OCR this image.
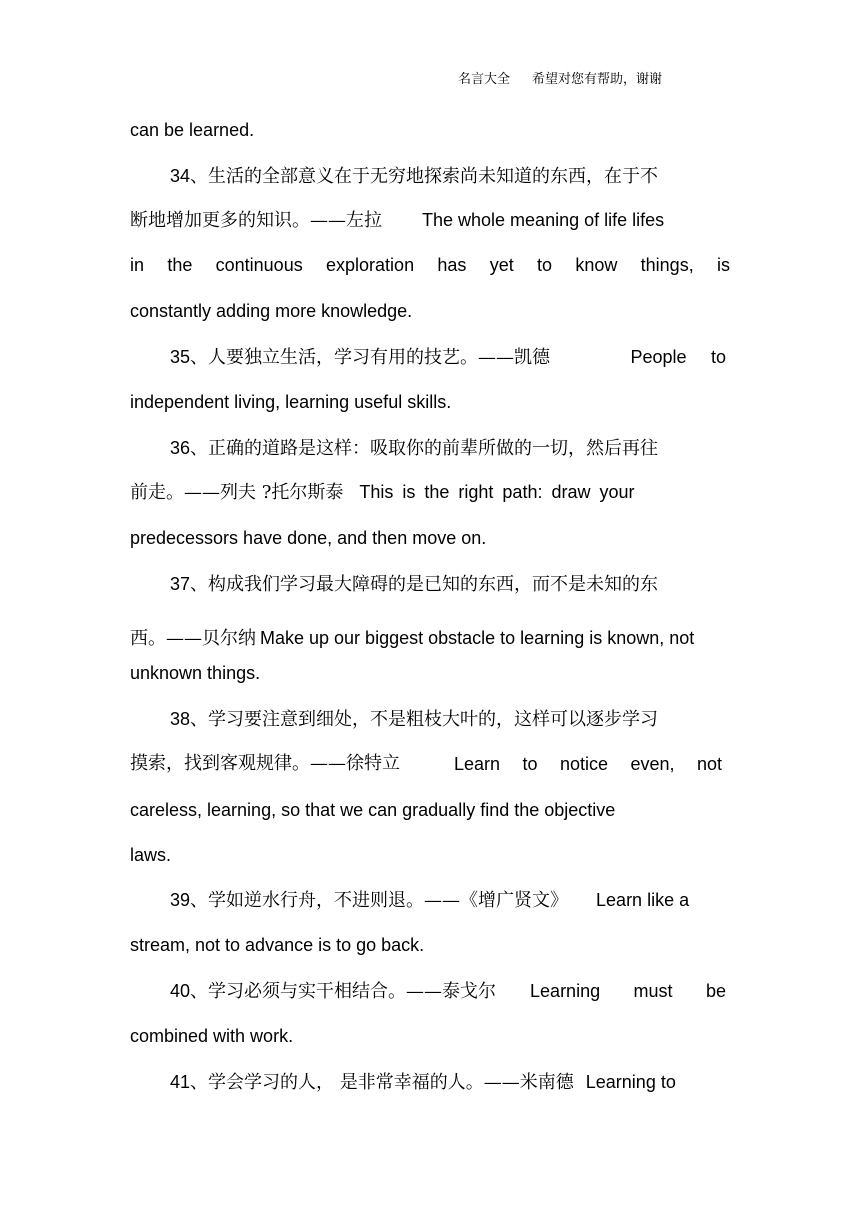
名言大全 希望对您有帮助，谢谢
can be learned.
34、生活的全部意义在于无穷地探索尚未知道的东西，在于不
断地增加更多的知识。——左拉 The whole meaning of life lifes
in the continuous exploration has yet to know things, is
constantly adding more knowledge.
35、人要独立生活，学习有用的技艺。——凯德	People to
independent living, learning useful skills.
36、正确的道路是这样：吸取你的前辈所做的一切，然后再往
前走。——列夫 ?托尔斯泰 This is the right path: draw your
predecessors have done, and then move on.
37、构成我们学习最大障碍的是已知的东西，而不是未知的东
西。——贝尔纳 Make up our biggest obstacle to learning is known, not
unknown things.
38、学习要注意到细处，不是粗枝大叶的，这样可以逐步学习
摸索，找到客观规律。——徐特立	Learn to notice even, not
careless, learning, so that we can gradually find the objective
laws.
39、学如逆水行舟，不进则退。——《增广贤文》 Learn like a
stream, not to advance is to go back.
40、学习必须与实干相结合。——泰戈尔 Learning must be
combined with work.
41、学会学习的人， 是非常幸福的人。——米南德 Learning to
